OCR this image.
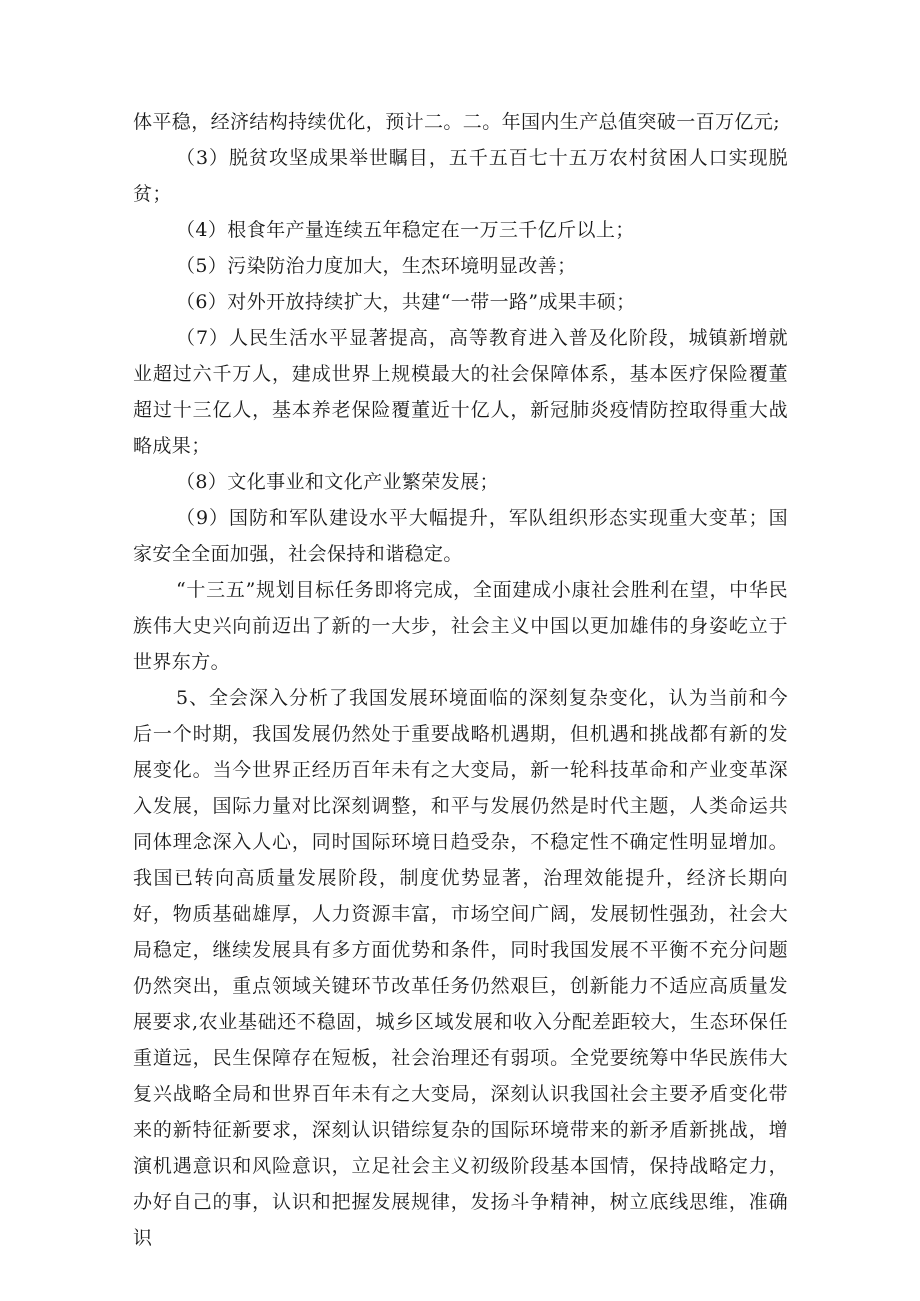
体平稳，经济结构持续优化，预计二。二。年国内生产总值突破一百万亿元;

（3）脱贫攻坚成果举世瞩目，五千五百七十五万农村贫困人口实现脱贫；

（4）根食年产量连续五年稳定在一万三千亿斤以上；

（5）污染防治力度加大，生杰环境明显改善；

（6）对外开放持续扩大，共建“一带一路”成果丰硕；

（7）人民生活水平显著提高，高等教育进入普及化阶段，城镇新增就业超过六千万人，建成世界上规模最大的社会保障体系，基本医疗保险覆董超过十三亿人，基本养老保险覆董近十亿人，新冠肺炎疫情防控取得重大战略成果；

（8）文化事业和文化产业繁荣发展；

（9）国防和军队建设水平大幅提升，军队组织形态实现重大变革；国家安全全面加强，社会保持和谐稳定。

“十三五”规划目标任务即将完成，全面建成小康社会胜利在望，中华民族伟大史兴向前迈出了新的一大步，社会主义中国以更加雄伟的身姿屹立于世界东方。

5、全会深入分析了我国发展环境面临的深刻复杂变化，认为当前和今后一个时期，我国发展仍然处于重要战略机遇期，但机遇和挑战都有新的发展变化。当今世界正经历百年未有之大变局，新一轮科技革命和产业变革深入发展，国际力量对比深刻调整，和平与发展仍然是时代主题，人类命运共同体理念深入人心，同时国际环境日趋受杂，不稳定性不确定性明显增加。我国已转向高质量发展阶段，制度优势显著，治理效能提升，经济长期向好，物质基础雄厚，人力资源丰富，市场空间广阔，发展韧性强劲，社会大局稳定，继续发展具有多方面优势和条件，同时我国发展不平衡不充分问题仍然突出，重点领域关键环节改革任务仍然艰巨，创新能力不适应高质量发展要求,农业基础还不稳固，城乡区域发展和收入分配差距较大，生态环保任重道远，民生保障存在短板，社会治理还有弱项。全党要统筹中华民族伟大复兴战略全局和世界百年未有之大变局，深刻认识我国社会主要矛盾变化带来的新特征新要求，深刻认识错综复杂的国际环境带来的新矛盾新挑战，增演机遇意识和风险意识，立足社会主义初级阶段基本国情，保持战略定力，办好自己的事，认识和把握发展规律，发扬斗争精神，树立底线思维，准确识
